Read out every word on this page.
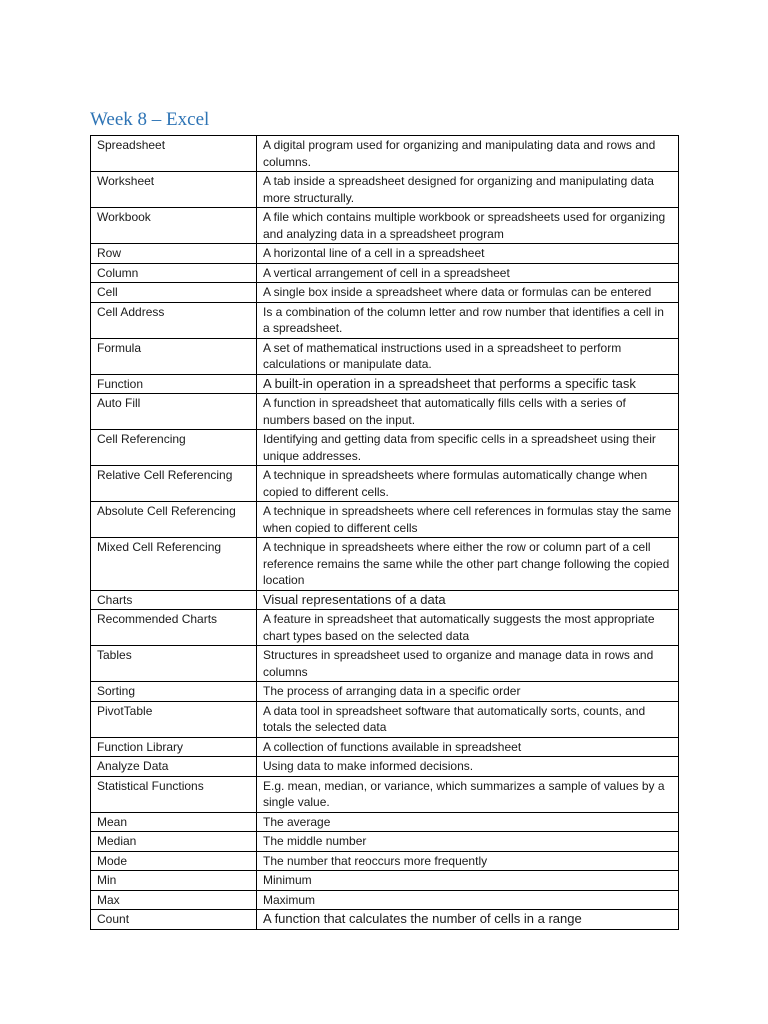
Week 8 – Excel
Spreadsheet	A digital program used for organizing and manipulating data and rows and columns.
Worksheet	A tab inside a spreadsheet designed for organizing and manipulating data more structurally.
Workbook	A file which contains multiple workbook or spreadsheets used for organizing and analyzing data in a spreadsheet program
Row	A horizontal line of a cell in a spreadsheet
Column	A vertical arrangement of cell in a spreadsheet
Cell	A single box inside a spreadsheet where data or formulas can be entered
Cell Address	Is a combination of the column letter and row number that identifies a cell in a spreadsheet.
Formula	A set of mathematical instructions used in a spreadsheet to perform calculations or manipulate data.
Function	A built-in operation in a spreadsheet that performs a specific task
Auto Fill	A function in spreadsheet that automatically fills cells with a series of numbers based on the input.
Cell Referencing	Identifying and getting data from specific cells in a spreadsheet using their unique addresses.
Relative Cell Referencing	A technique in spreadsheets where formulas automatically change when copied to different cells.
Absolute Cell Referencing	A technique in spreadsheets where cell references in formulas stay the same when copied to different cells
Mixed Cell Referencing	A technique in spreadsheets where either the row or column part of a cell reference remains the same while the other part change following the copied location
Charts	Visual representations of a data
Recommended Charts	A feature in spreadsheet that automatically suggests the most appropriate chart types based on the selected data
Tables	Structures in spreadsheet used to organize and manage data in rows and columns
Sorting	The process of arranging data in a specific order
PivotTable	A data tool in spreadsheet software that automatically sorts, counts, and totals the selected data
Function Library	A collection of functions available in spreadsheet
Analyze Data	Using data to make informed decisions.
Statistical Functions	E.g. mean, median, or variance, which summarizes a sample of values by a single value.
Mean	The average
Median	The middle number
Mode	The number that reoccurs more frequently
Min	Minimum
Max	Maximum
Count	A function that calculates the number of cells in a range
